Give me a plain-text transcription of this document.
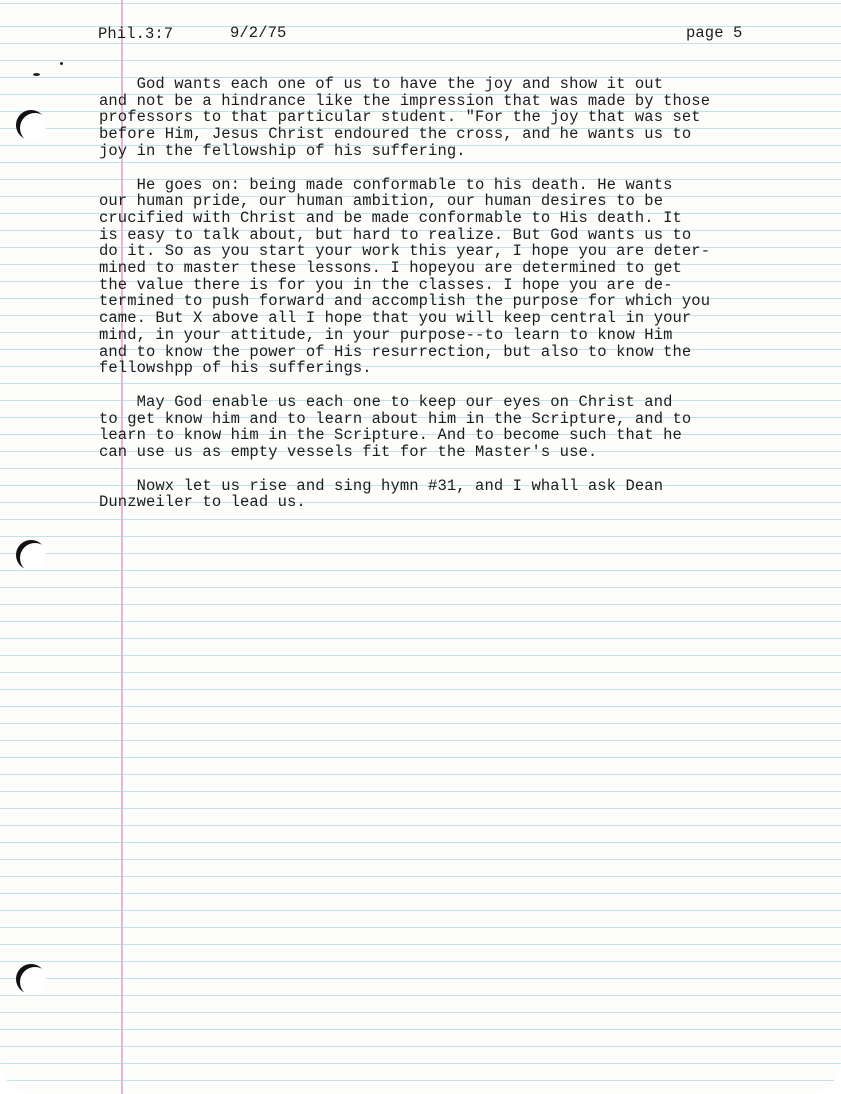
Phil.3:7	9/2/75	page 5
God wants each one of us to have the joy and show it out
and not be a hindrance like the impression that was made by those
professors to that particular student. "For the joy that was set
before Him, Jesus Christ endoured the cross, and he wants us to
joy in the fellowship of his suffering.
He goes on: being made conformable to his death. He wants
our human pride, our human ambition, our human desires to be
crucified with Christ and be made conformable to His death. It
is easy to talk about, but hard to realize. But God wants us to
do it. So as you start your work this year, I hope you are deter-
mined to master these lessons. I hopeyou are determined to get
the value there is for you in the classes. I hope you are de-
termined to push forward and accomplish the purpose for which you
came. But X above all I hope that you will keep central in your
mind, in your attitude, in your purpose--to learn to know Him
and to know the power of His resurrection, but also to know the
fellowshpp of his sufferings.
May God enable us each one to keep our eyes on Christ and
to get know him and to learn about him in the Scripture, and to
learn to know him in the Scripture. And to become such that he
can use us as empty vessels fit for the Master's use.
Nowx let us rise and sing hymn #31, and I whall ask Dean
Dunzweiler to lead us.
